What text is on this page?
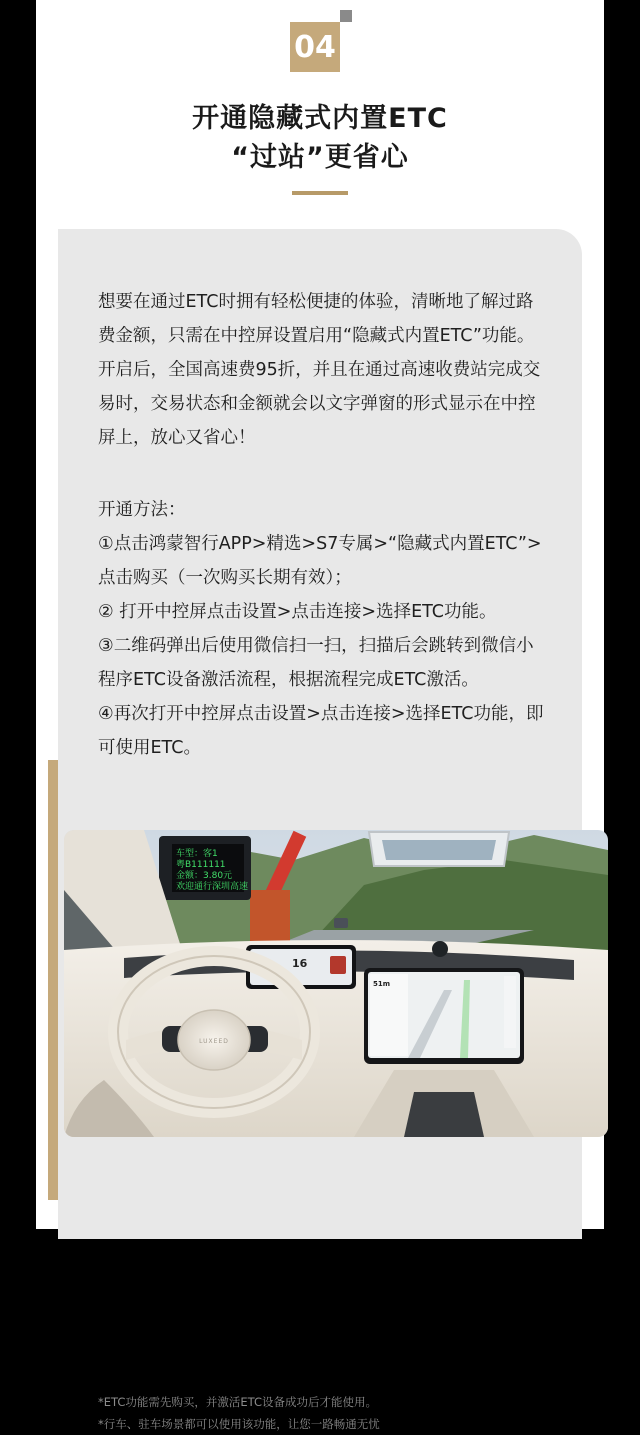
04
开通隐藏式内置ETC
“过站”更省心

想要在通过ETC时拥有轻松便捷的体验，清晰地了解过路费金额，只需在中控屏设置启用“隐藏式内置ETC”功能。开启后，全国高速费95折，并且在通过高速收费站完成交易时，交易状态和金额就会以文字弹窗的形式显示在中控屏上，放心又省心！

开通方法：

①点击鸿蒙智行APP>精选>S7专属>“隐藏式内置ETC”>点击购买（一次购买长期有效）；

② 打开中控屏点击设置>点击连接>选择ETC功能。

③二维码弹出后使用微信扫一扫，扫描后会跳转到微信小程序ETC设备激活流程，根据流程完成ETC激活。

④再次打开中控屏点击设置>点击连接>选择ETC功能，即可使用ETC。

*ETC功能需先购买，并激活ETC设备成功后才能使用。

*行车、驻车场景都可以使用该功能，让您一路畅通无忧

车型：客1
粤B111111
金额：3.80元
欢迎通行深圳高速
16
51m
LUXEED
